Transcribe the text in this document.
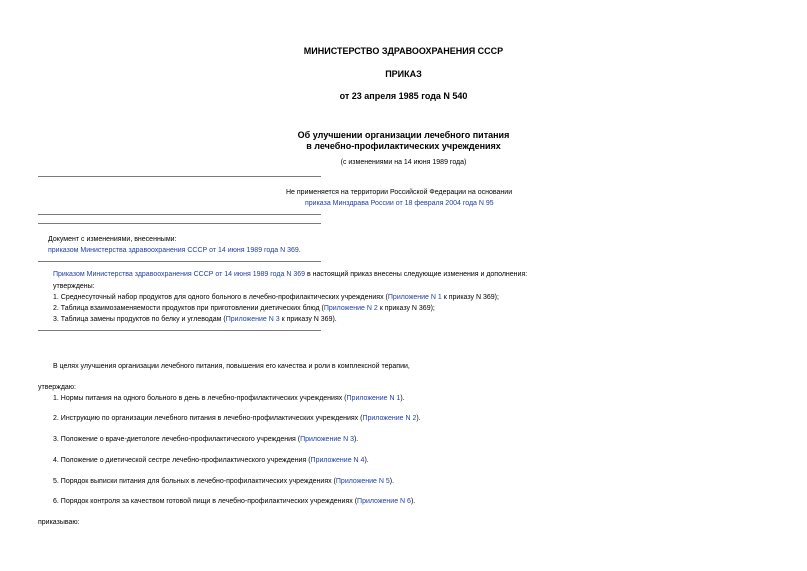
МИНИСТЕРСТВО ЗДРАВООХРАНЕНИЯ СССР
ПРИКАЗ
от 23 апреля 1985 года N 540
Об улучшении организации лечебного питания
в лечебно-профилактических учреждениях
(с изменениями на 14 июня 1989 года)
Не применяется на территории Российской Федерации на основании
приказа Минздрава России от 18 февраля 2004 года N 95
Документ с изменениями, внесенными:
приказом Министерства здравоохранения СССР от 14 июня 1989 года N 369.
Приказом Министерства здравоохранения СССР от 14 июня 1989 года N 369 в настоящий приказ внесены следующие изменения и дополнения:
утверждены:
1. Среднесуточный набор продуктов для одного больного в лечебно-профилактических учреждениях (Приложение N 1 к приказу N 369);
2. Таблица взаимозаменяемости продуктов при приготовлении диетических блюд (Приложение N 2 к приказу N 369);
3. Таблица замены продуктов по белку и углеводам (Приложение N 3 к приказу N 369).
В целях улучшения организации лечебного питания, повышения его качества и роли в комплексной терапии,
утверждаю:
1. Нормы питания на одного больного в день в лечебно-профилактических учреждениях (Приложение N 1).
2. Инструкцию по организации лечебного питания в лечебно-профилактических учреждениях (Приложение N 2).
3. Положение о враче-диетологе лечебно-профилактического учреждения (Приложение N 3).
4. Положение о диетической сестре лечебно-профилактического учреждения (Приложение N 4).
5. Порядок выписки питания для больных в лечебно-профилактических учреждениях (Приложение N 5).
6. Порядок контроля за качеством готовой пищи в лечебно-профилактических учреждениях (Приложение N 6).
приказываю:
